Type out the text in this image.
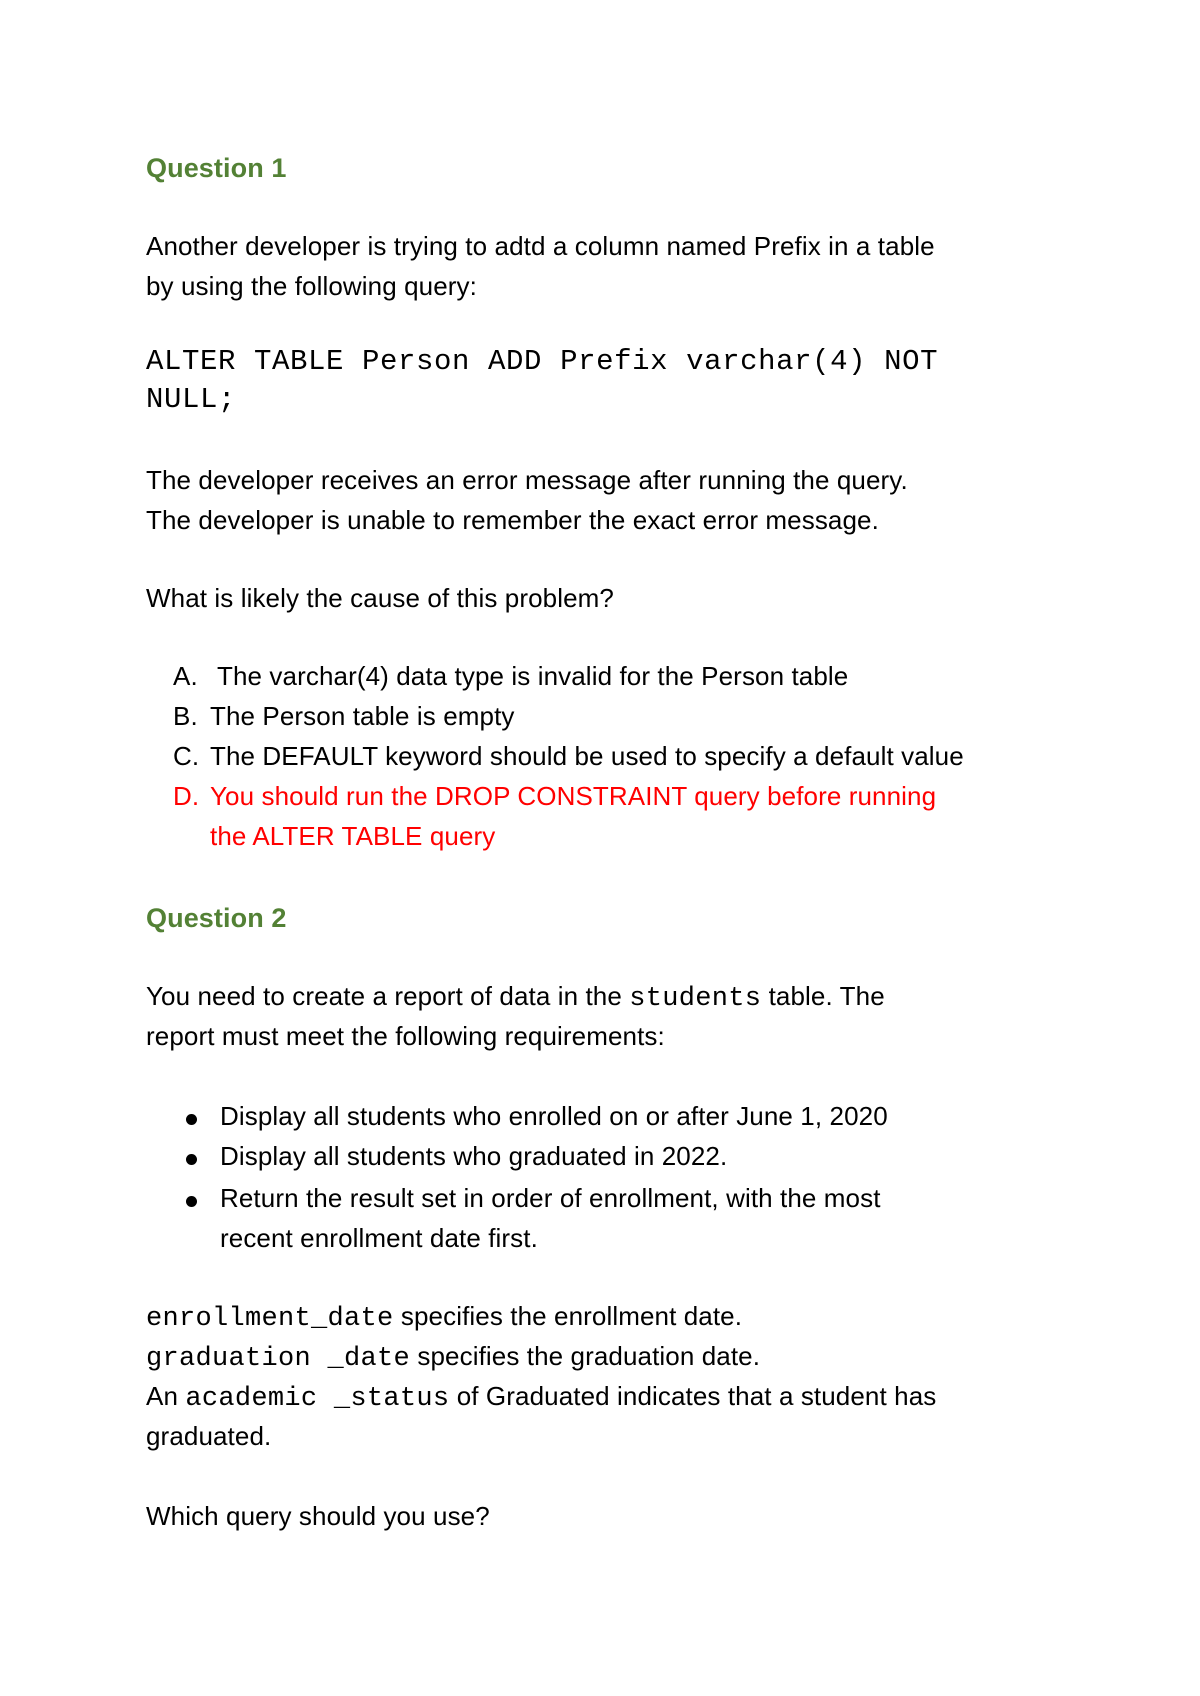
Question 1
Another developer is trying to adtd a column named Prefix in a table
by using the following query:
ALTER TABLE Person ADD Prefix varchar(4) NOT
NULL;
The developer receives an error message after running the query.
The developer is unable to remember the exact error message.
What is likely the cause of this problem?
A. The varchar(4) data type is invalid for the Person table
B. The Person table is empty
C. The DEFAULT keyword should be used to specify a default value
D. You should run the DROP CONSTRAINT query before running
the ALTER TABLE query
Question 2
You need to create a report of data in the students table. The
report must meet the following requirements:
Display all students who enrolled on or after June 1, 2020
Display all students who graduated in 2022.
Return the result set in order of enrollment, with the most
recent enrollment date first.
enrollment_date specifies the enrollment date.
graduation _date specifies the graduation date.
An academic _status of Graduated indicates that a student has
graduated.
Which query should you use?
